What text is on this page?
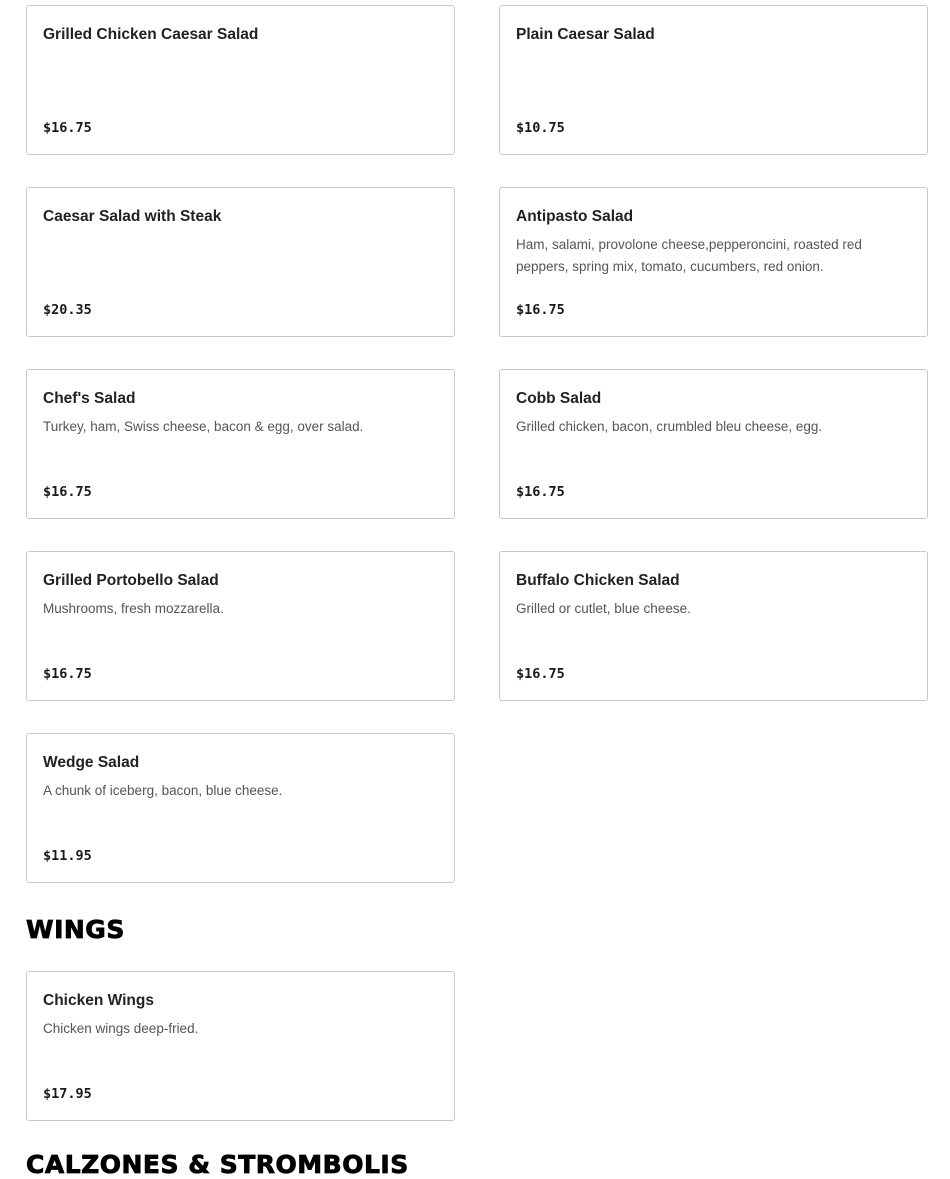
Grilled Chicken Caesar Salad
$16.75
Plain Caesar Salad
$10.75
Caesar Salad with Steak
$20.35
Antipasto Salad
Ham, salami, provolone cheese,pepperoncini, roasted red peppers, spring mix, tomato, cucumbers, red onion.
$16.75
Chef's Salad
Turkey, ham, Swiss cheese, bacon & egg, over salad.
$16.75
Cobb Salad
Grilled chicken, bacon, crumbled bleu cheese, egg.
$16.75
Grilled Portobello Salad
Mushrooms, fresh mozzarella.
$16.75
Buffalo Chicken Salad
Grilled or cutlet, blue cheese.
$16.75
Wedge Salad
A chunk of iceberg, bacon, blue cheese.
$11.95
WINGS
Chicken Wings
Chicken wings deep-fried.
$17.95
CALZONES & STROMBOLIS
